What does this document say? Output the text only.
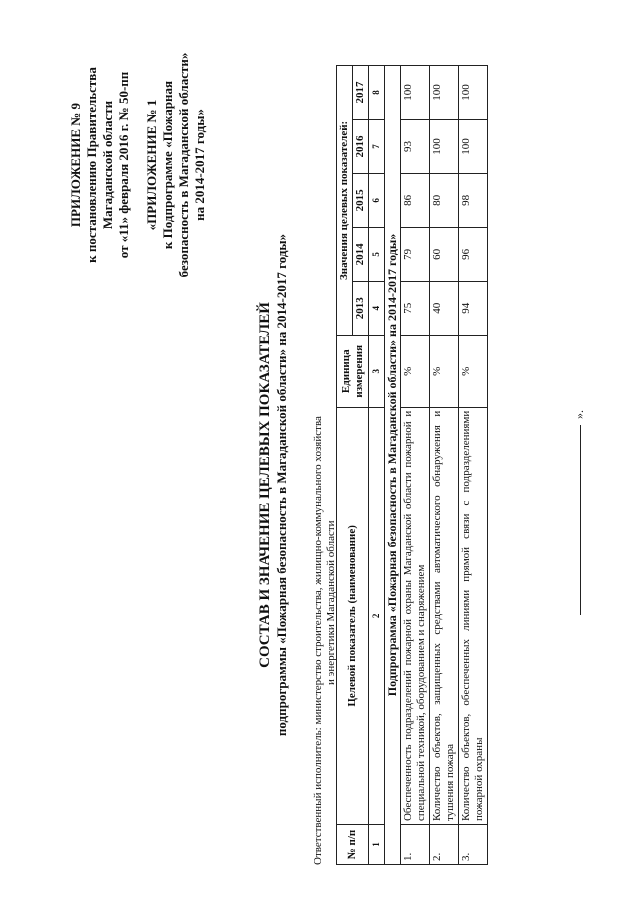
ПРИЛОЖЕНИЕ № 9 к постановлению Правительства Магаданской области от «11» февраля 2016 г. № 50-пп «ПРИЛОЖЕНИЕ № 1 к Подпрограмме «Пожарная безопасность в Магаданской области» на 2014-2017 годы»
СОСТАВ И ЗНАЧЕНИЕ ЦЕЛЕВЫХ ПОКАЗАТЕЛЕЙ подпрограммы «Пожарная безопасность в Магаданской области» на 2014-2017 годы» Ответственный исполнитель: министерство строительства, жилищно-коммунального хозяйства и энергетики Магаданской области
№ п/п	Целевой показатель (наименование)	Единица измерения	Значения целевых показателей:				
			2013	2014	2015	2016	2017
1	2	3	4	5	6	7	8
Подпрограмма «Пожарная безопасность в Магаданской области» на 2014-2017 годы»							
1.	Обеспеченность подразделений пожарной охраны Магаданской области пожарной и специальной техникой, оборудованием и снаряжением	%	75	79	86	93	100
2.	Количество объектов, защищенных средствами автоматического обнаружения и тушения пожара	%	40	60	80	100	100
3.	Количество объектов, обеспеченных линиями прямой связи с подразделениями пожарной охраны	%	94	96	98	100	100
».
